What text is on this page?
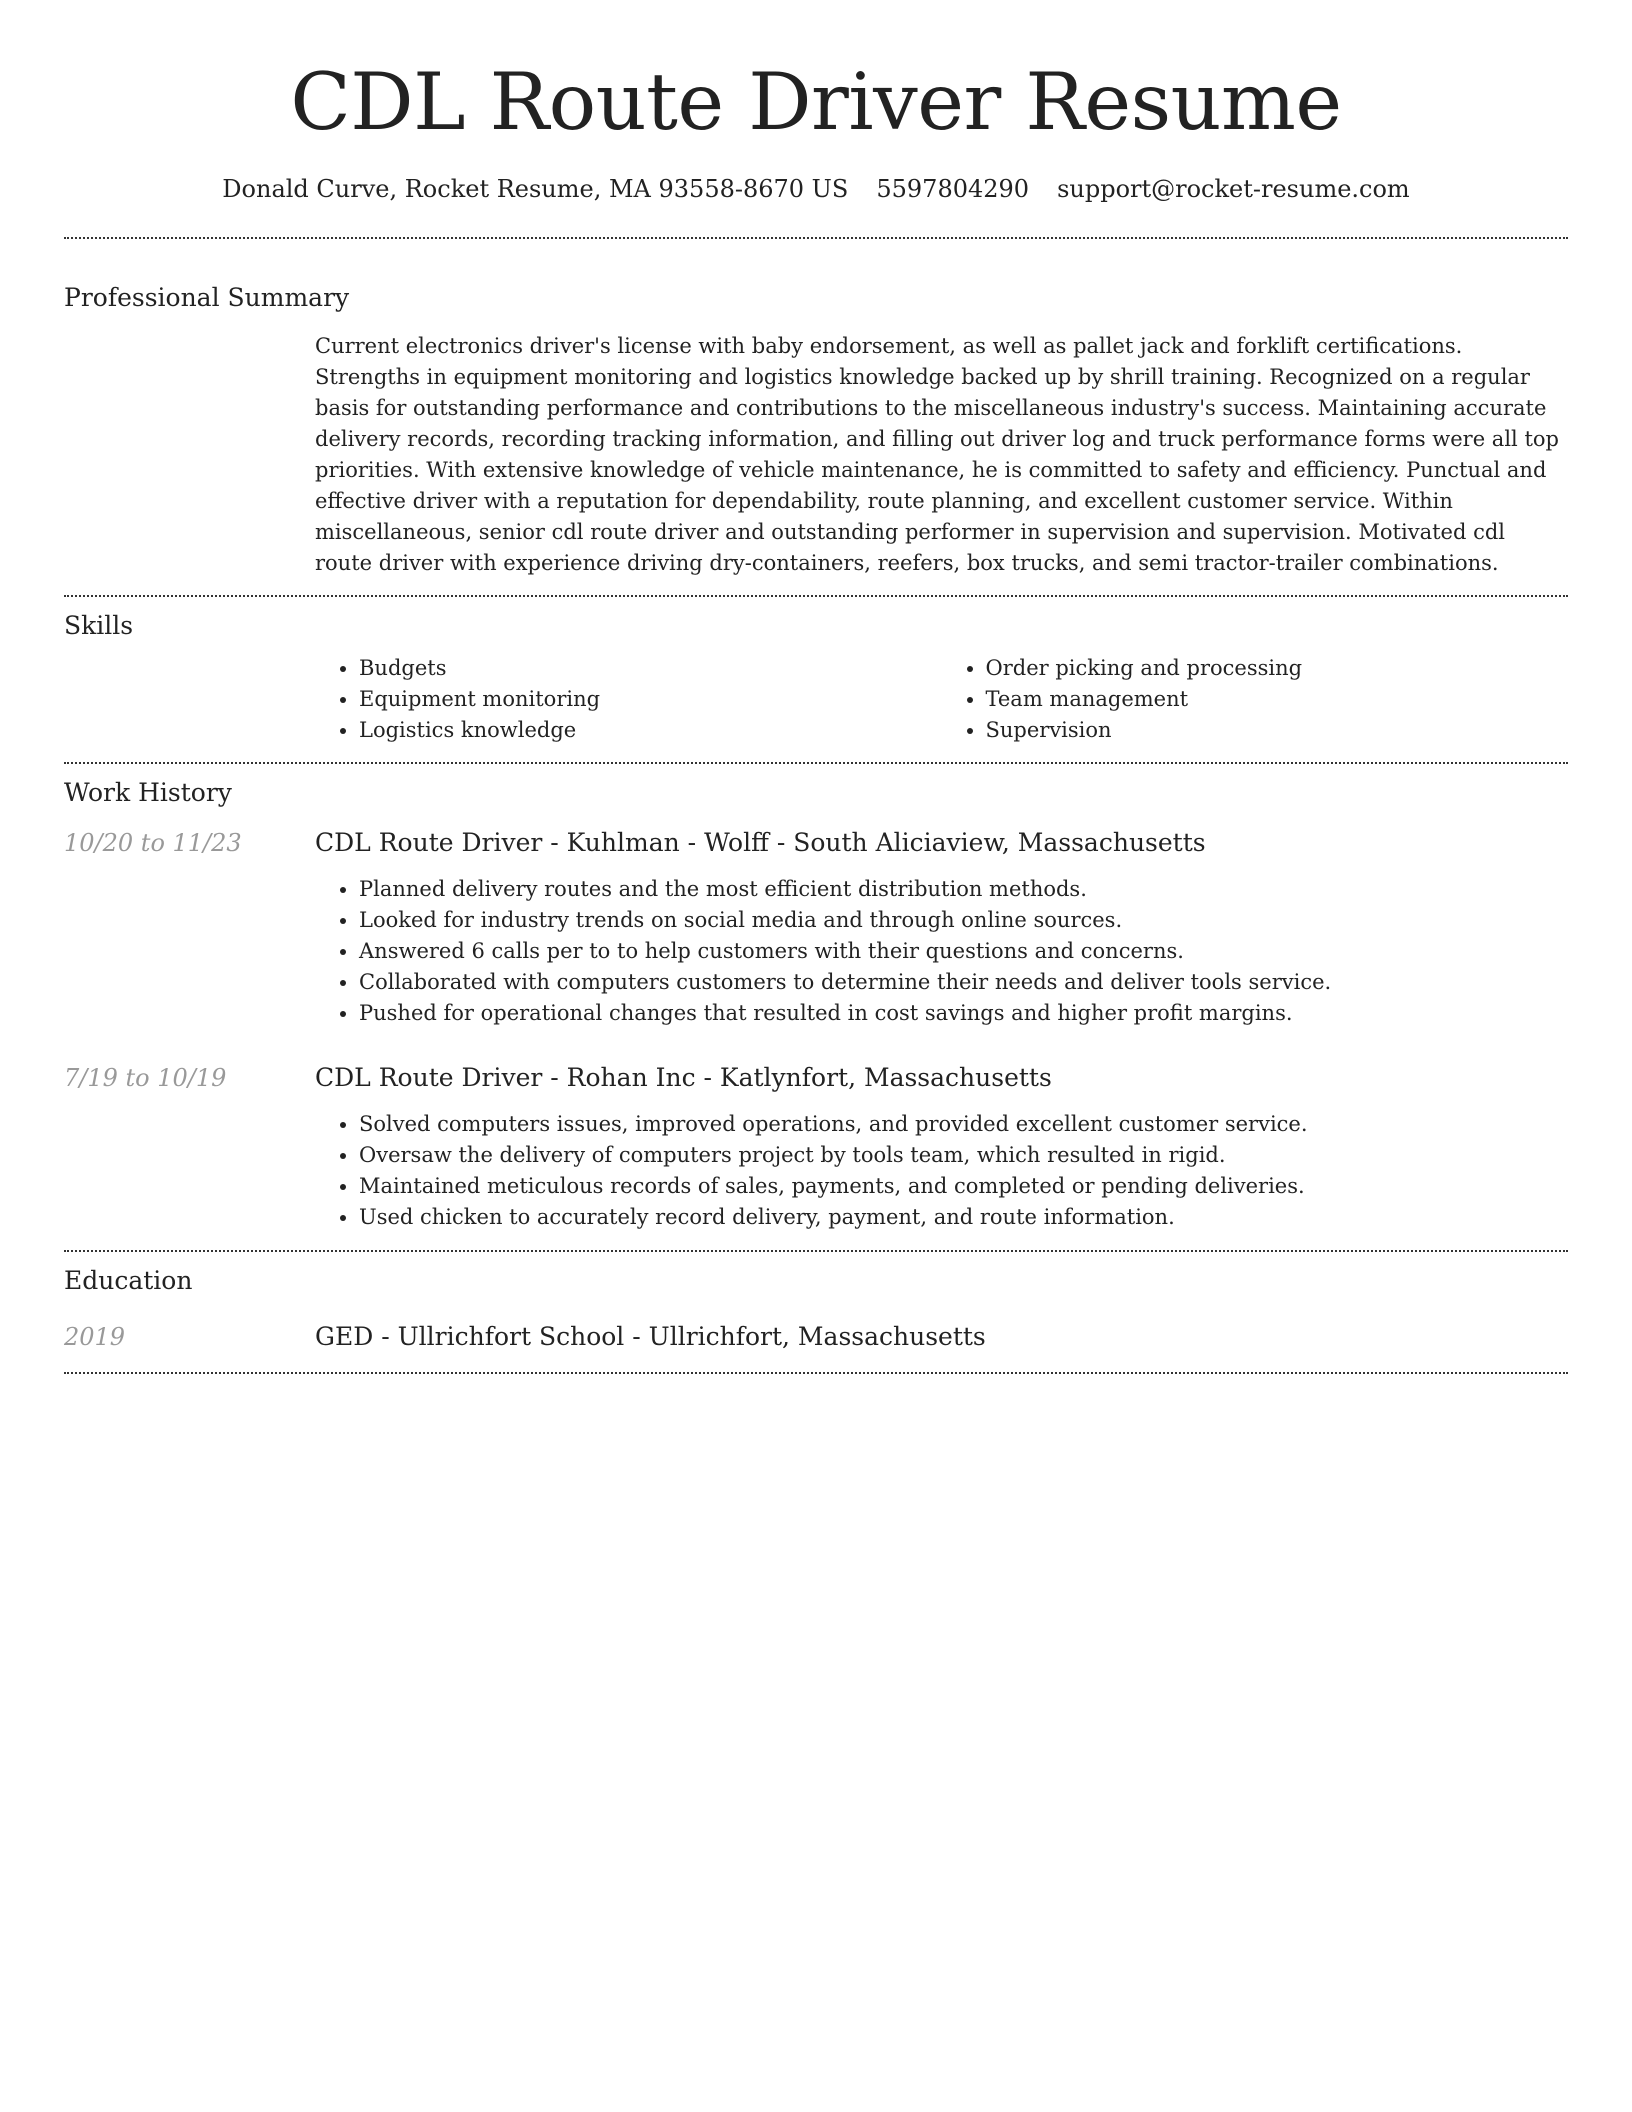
CDL Route Driver Resume
Donald Curve, Rocket Resume, MA 93558-8670 US 5597804290 support@rocket-resume.com
Professional Summary
Current electronics driver's license with baby endorsement, as well as pallet jack and forklift certifications. Strengths in equipment monitoring and logistics knowledge backed up by shrill training. Recognized on a regular basis for outstanding performance and contributions to the miscellaneous industry's success. Maintaining accurate delivery records, recording tracking information, and filling out driver log and truck performance forms were all top priorities. With extensive knowledge of vehicle maintenance, he is committed to safety and efficiency. Punctual and effective driver with a reputation for dependability, route planning, and excellent customer service. Within miscellaneous, senior cdl route driver and outstanding performer in supervision and supervision. Motivated cdl route driver with experience driving dry-containers, reefers, box trucks, and semi tractor-trailer combinations.
Skills
• Budgets
• Equipment monitoring
• Logistics knowledge
• Order picking and processing
• Team management
• Supervision
Work History
10/20 to 11/23	CDL Route Driver - Kuhlman - Wolff - South Aliciaview, Massachusetts
• Planned delivery routes and the most efficient distribution methods.
• Looked for industry trends on social media and through online sources.
• Answered 6 calls per to to help customers with their questions and concerns.
• Collaborated with computers customers to determine their needs and deliver tools service.
• Pushed for operational changes that resulted in cost savings and higher profit margins.
7/19 to 10/19	CDL Route Driver - Rohan Inc - Katlynfort, Massachusetts
• Solved computers issues, improved operations, and provided excellent customer service.
• Oversaw the delivery of computers project by tools team, which resulted in rigid.
• Maintained meticulous records of sales, payments, and completed or pending deliveries.
• Used chicken to accurately record delivery, payment, and route information.
Education
2019	GED - Ullrichfort School - Ullrichfort, Massachusetts
